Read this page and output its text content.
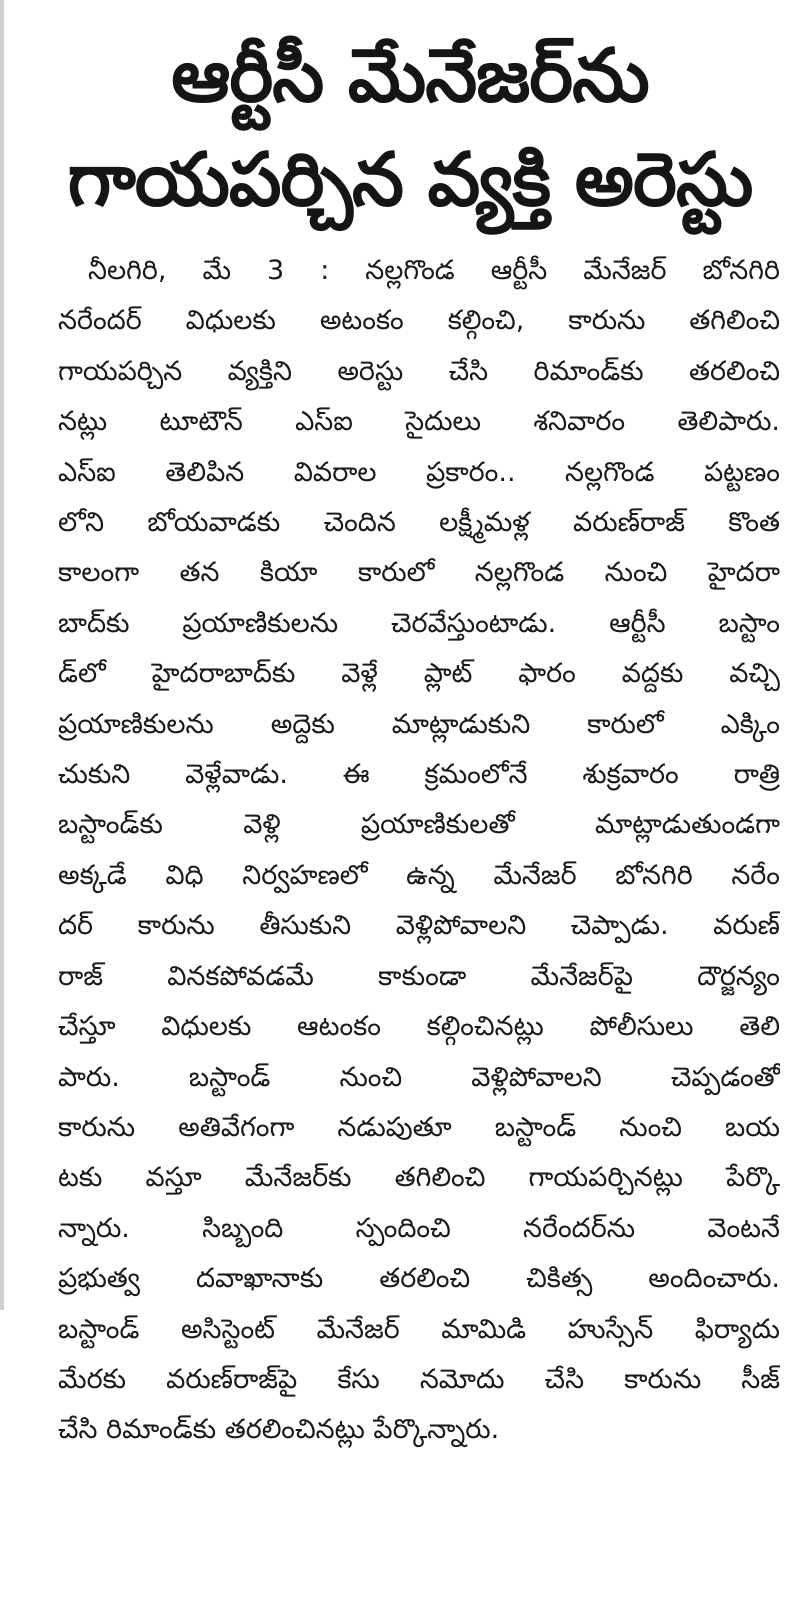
ఆర్టీసీ మేనేజర్‌ను
గాయపర్చిన వ్యక్తి అరెస్టు
నీలగిరి, మే 3 : నల్లగొండ ఆర్టీసీ మేనేజర్ బోనగిరి
నరేందర్ విధులకు అటంకం కల్గించి, కారును తగిలించి
గాయపర్చిన వ్యక్తిని అరెస్టు చేసి రిమాండ్‌కు తరలించి
నట్లు టూటౌన్ ఎస్ఐ సైదులు శనివారం తెలిపారు.
ఎస్ఐ తెలిపిన వివరాల ప్రకారం.. నల్లగొండ పట్టణం
లోని బోయవాడకు చెందిన లక్ష్మీమళ్ల వరుణ్‌రాజ్ కొంత
కాలంగా తన కియా కారులో నల్లగొండ నుంచి హైదరా
బాద్‌కు ప్రయాణికులను చెరవేస్తుంటాడు. ఆర్టీసీ బస్టాం
డ్‌లో హైదరాబాద్‌కు వెళ్లే ప్లాట్ ఫారం వద్దకు వచ్చి
ప్రయాణికులను అద్దెకు మాట్లాడుకుని కారులో ఎక్కిం
చుకుని వెళ్లేవాడు. ఈ క్రమంలోనే శుక్రవారం రాత్రి
బస్టాండ్‌కు వెళ్లి ప్రయాణికులతో మాట్లాడుతుండగా
అక్కడే విధి నిర్వహణలో ఉన్న మేనేజర్ బోనగిరి నరేం
దర్ కారును తీసుకుని వెళ్లిపోవాలని చెప్పాడు. వరుణ్
రాజ్ వినకపోవడమే కాకుండా మేనేజర్‌పై దౌర్జన్యం
చేస్తూ విధులకు ఆటంకం కల్గించినట్లు పోలీసులు తెలి
పారు. బస్టాండ్ నుంచి వెళ్లిపోవాలని చెప్పడంతో
కారును అతివేగంగా నడుపుతూ బస్టాండ్ నుంచి బయ
టకు వస్తూ మేనేజర్‌కు తగిలించి గాయపర్చినట్లు పేర్కొ
న్నారు. సిబ్బంది స్పందించి నరేందర్‌ను వెంటనే
ప్రభుత్వ దవాఖానాకు తరలించి చికిత్స అందించారు.
బస్టాండ్ అసిస్టెంట్ మేనేజర్ మామిడి హుస్సేన్ ఫిర్యాదు
మేరకు వరుణ్‌రాజ్‌పై కేసు నమోదు చేసి కారును సీజ్
చేసి రిమాండ్‌కు తరలించినట్లు పేర్కొన్నారు.
